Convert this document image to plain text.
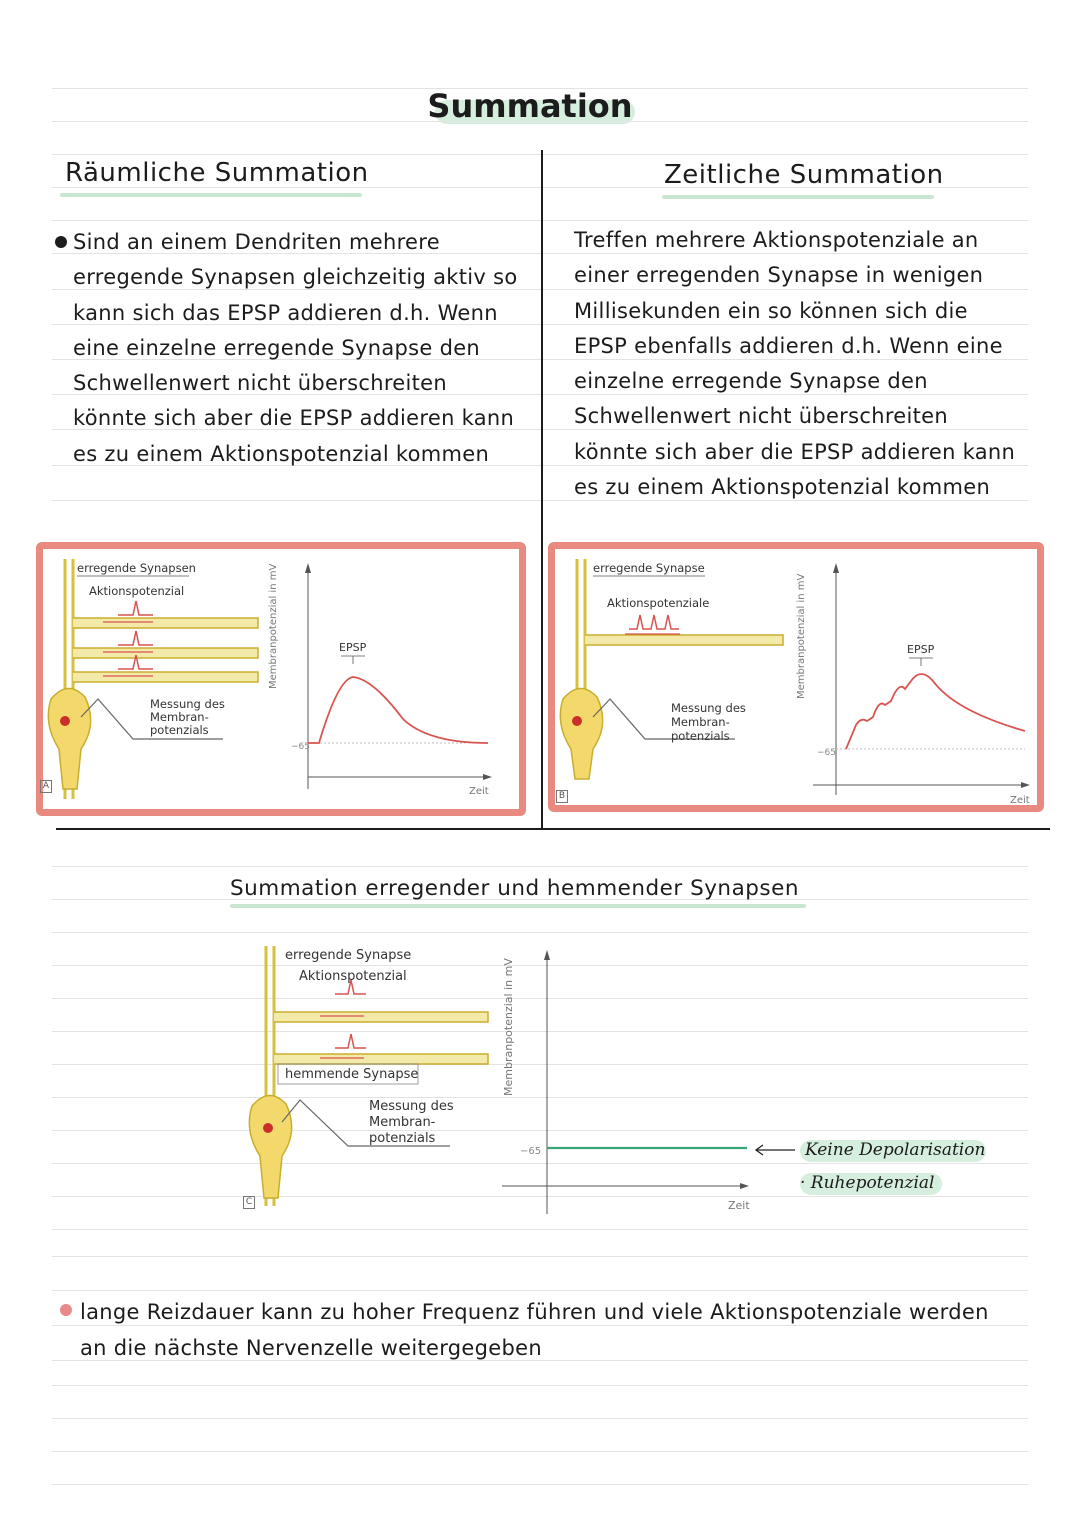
Summation
Räumliche Summation	Zeitliche Summation
Sind an einem Dendriten mehrere
erregende Synapsen gleichzeitig aktiv so
kann sich das EPSP addieren d.h. Wenn
eine einzelne erregende Synapse den
Schwellenwert nicht überschreiten
könnte sich aber die EPSP addieren kann
es zu einem Aktionspotenzial kommen
Treffen mehrere Aktionspotenziale an
einer erregenden Synapse in wenigen
Millisekunden ein so können sich die
EPSP ebenfalls addieren d.h. Wenn eine
einzelne erregende Synapse den
Schwellenwert nicht überschreiten
könnte sich aber die EPSP addieren kann
es zu einem Aktionspotenzial kommen
erregende Synapsen
Aktionspotenzial
Messung des
Membran-
potenzials
Membranpotenzial in mV
−65
EPSP
Zeit
A
erregende Synapse
Aktionspotenziale
Messung des
Membran-
potenzials
Membranpotenzial in mV
−65
EPSP
Zeit
B
Summation erregender und hemmender Synapsen
erregende Synapse
Aktionspotenzial
hemmende Synapse
Messung des
Membran-
potenzials
Membranpotenzial in mV
−65
Zeit
C
Keine Depolarisation
· Ruhepotenzial
lange Reizdauer kann zu hoher Frequenz führen und viele Aktionspotenziale werden
an die nächste Nervenzelle weitergegeben
